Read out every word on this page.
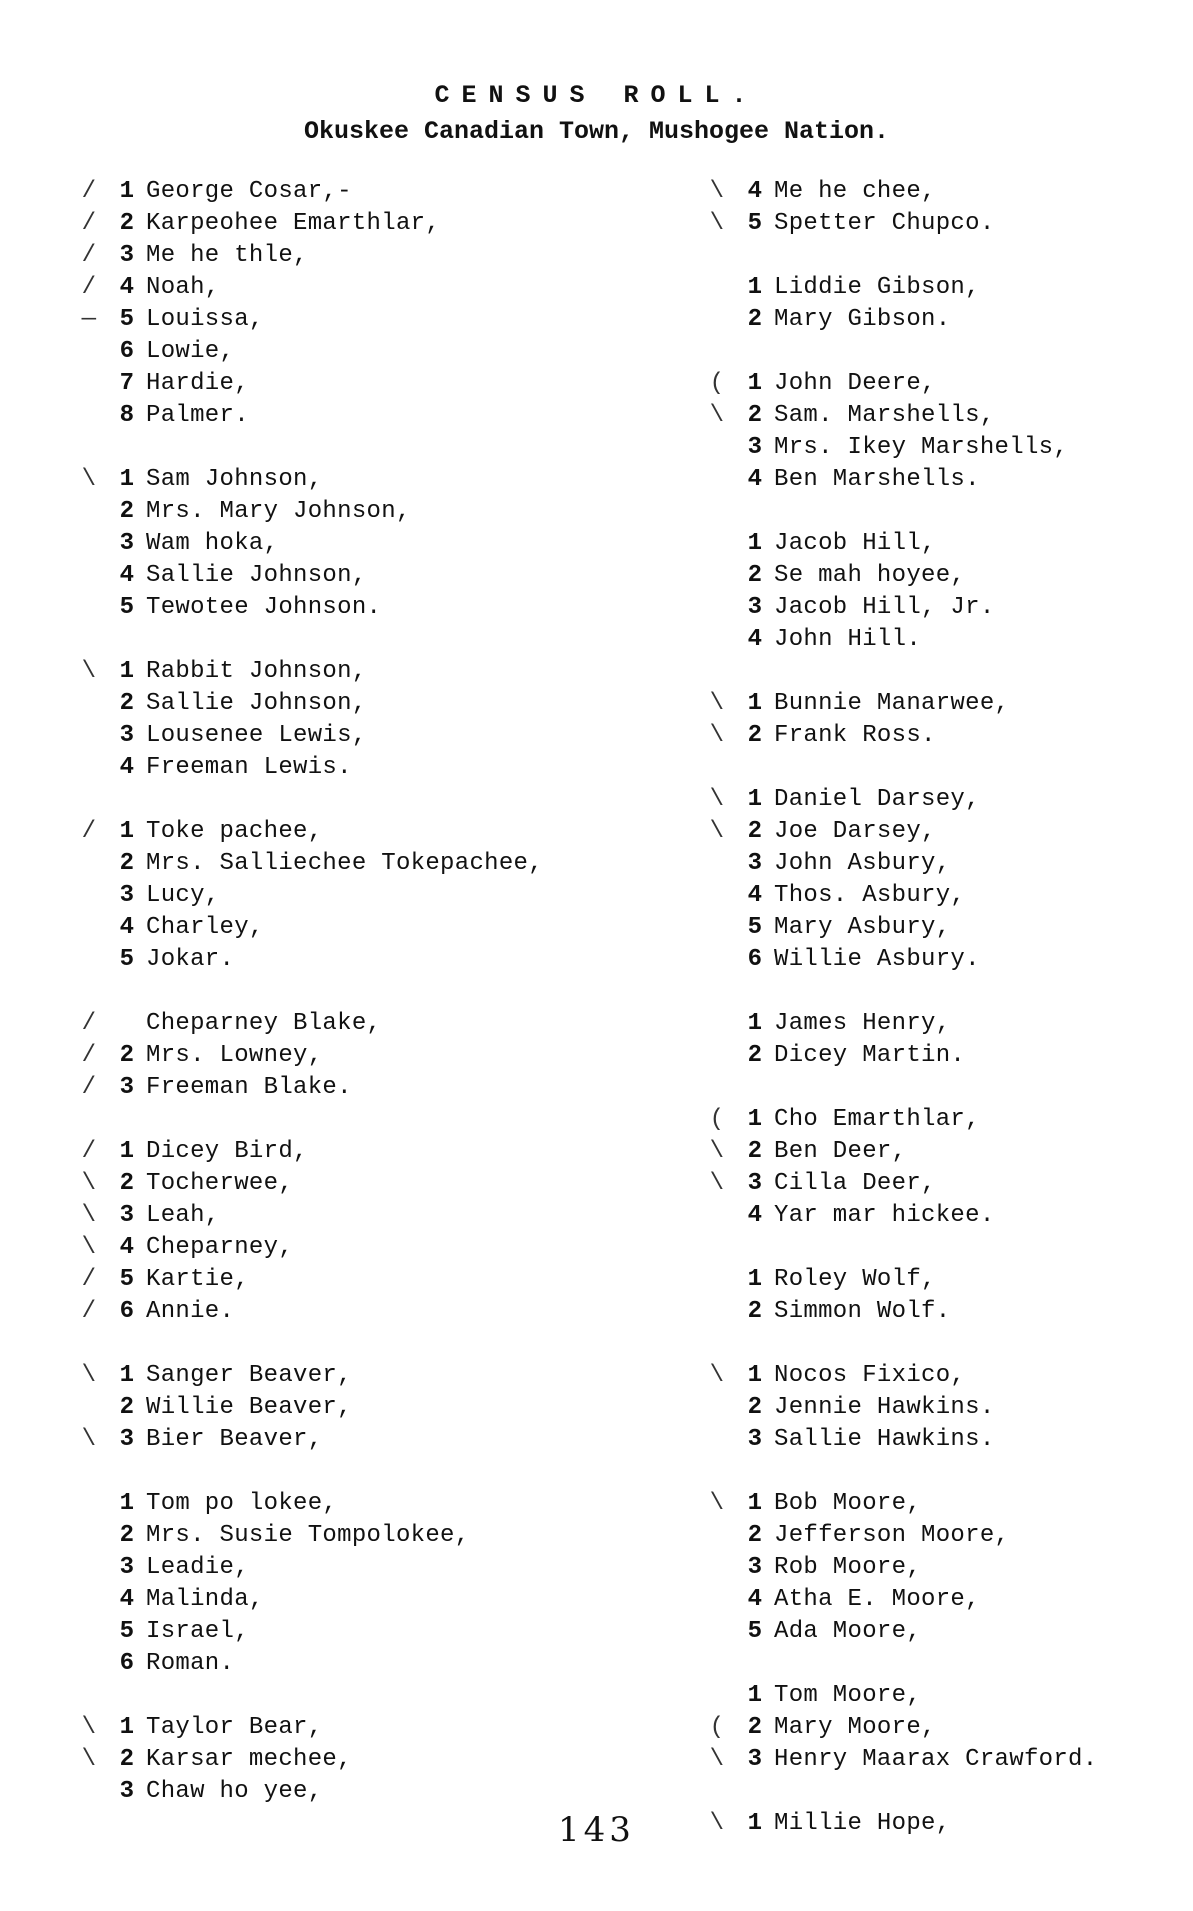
CENSUS ROLL.
Okuskee Canadian Town, Mushogee Nation.
/ 1 George Cosar,-
/ 2 Karpeohee Emarthlar,
/ 3 Me he thle,
/ 4 Noah,
— 5 Louissa,
6 Lowie,
7 Hardie,
8 Palmer.
\ 1 Sam Johnson,
2 Mrs. Mary Johnson,
3 Wam hoka,
4 Sallie Johnson,
5 Tewotee Johnson.
\ 1 Rabbit Johnson,
2 Sallie Johnson,
3 Lousenee Lewis,
4 Freeman Lewis.
/ 1 Toke pachee,
2 Mrs. Salliechee Tokepachee,
3 Lucy,
4 Charley,
5 Jokar.
/ Cheparney Blake,
/ 2 Mrs. Lowney,
/ 3 Freeman Blake.
/ 1 Dicey Bird,
\ 2 Tocherwee,
\ 3 Leah,
\ 4 Cheparney,
/ 5 Kartie,
/ 6 Annie.
\ 1 Sanger Beaver,
2 Willie Beaver,
\ 3 Bier Beaver,
1 Tom po lokee,
2 Mrs. Susie Tompolokee,
3 Leadie,
4 Malinda,
5 Israel,
6 Roman.
\ 1 Taylor Bear,
\ 2 Karsar mechee,
3 Chaw ho yee,
\ 4 Me he chee,
\ 5 Spetter Chupco.
1 Liddie Gibson,
2 Mary Gibson.
( 1 John Deere,
\ 2 Sam. Marshells,
3 Mrs. Ikey Marshells,
4 Ben Marshells.
1 Jacob Hill,
2 Se mah hoyee,
3 Jacob Hill, Jr.
4 John Hill.
\ 1 Bunnie Manarwee,
\ 2 Frank Ross.
\ 1 Daniel Darsey,
\ 2 Joe Darsey,
3 John Asbury,
4 Thos. Asbury,
5 Mary Asbury,
6 Willie Asbury.
1 James Henry,
2 Dicey Martin.
( 1 Cho Emarthlar,
\ 2 Ben Deer,
\ 3 Cilla Deer,
4 Yar mar hickee.
1 Roley Wolf,
2 Simmon Wolf.
\ 1 Nocos Fixico,
2 Jennie Hawkins.
3 Sallie Hawkins.
\ 1 Bob Moore,
2 Jefferson Moore,
3 Rob Moore,
4 Atha E. Moore,
5 Ada Moore,
1 Tom Moore,
( 2 Mary Moore,
\ 3 Henry Maarax Crawford.
\ 1 Millie Hope,
143
